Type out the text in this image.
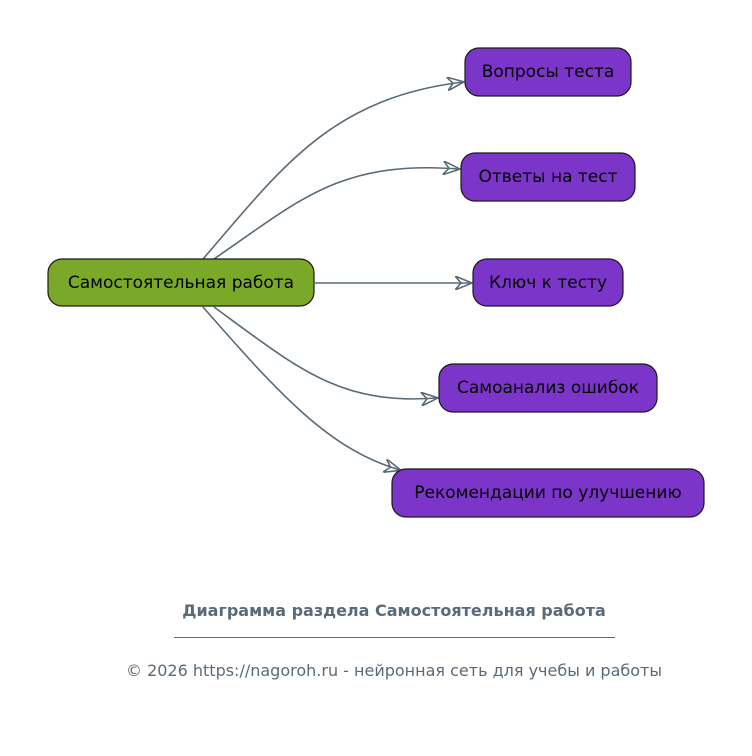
Самостоятельная работа
Вопросы теста
Ответы на тест
Ключ к тесту
Самоанализ ошибок
Рекомендации по улучшению
Диаграмма раздела Самостоятельная работа
© 2026 https://nagoroh.ru - нейронная сеть для учебы и работы
